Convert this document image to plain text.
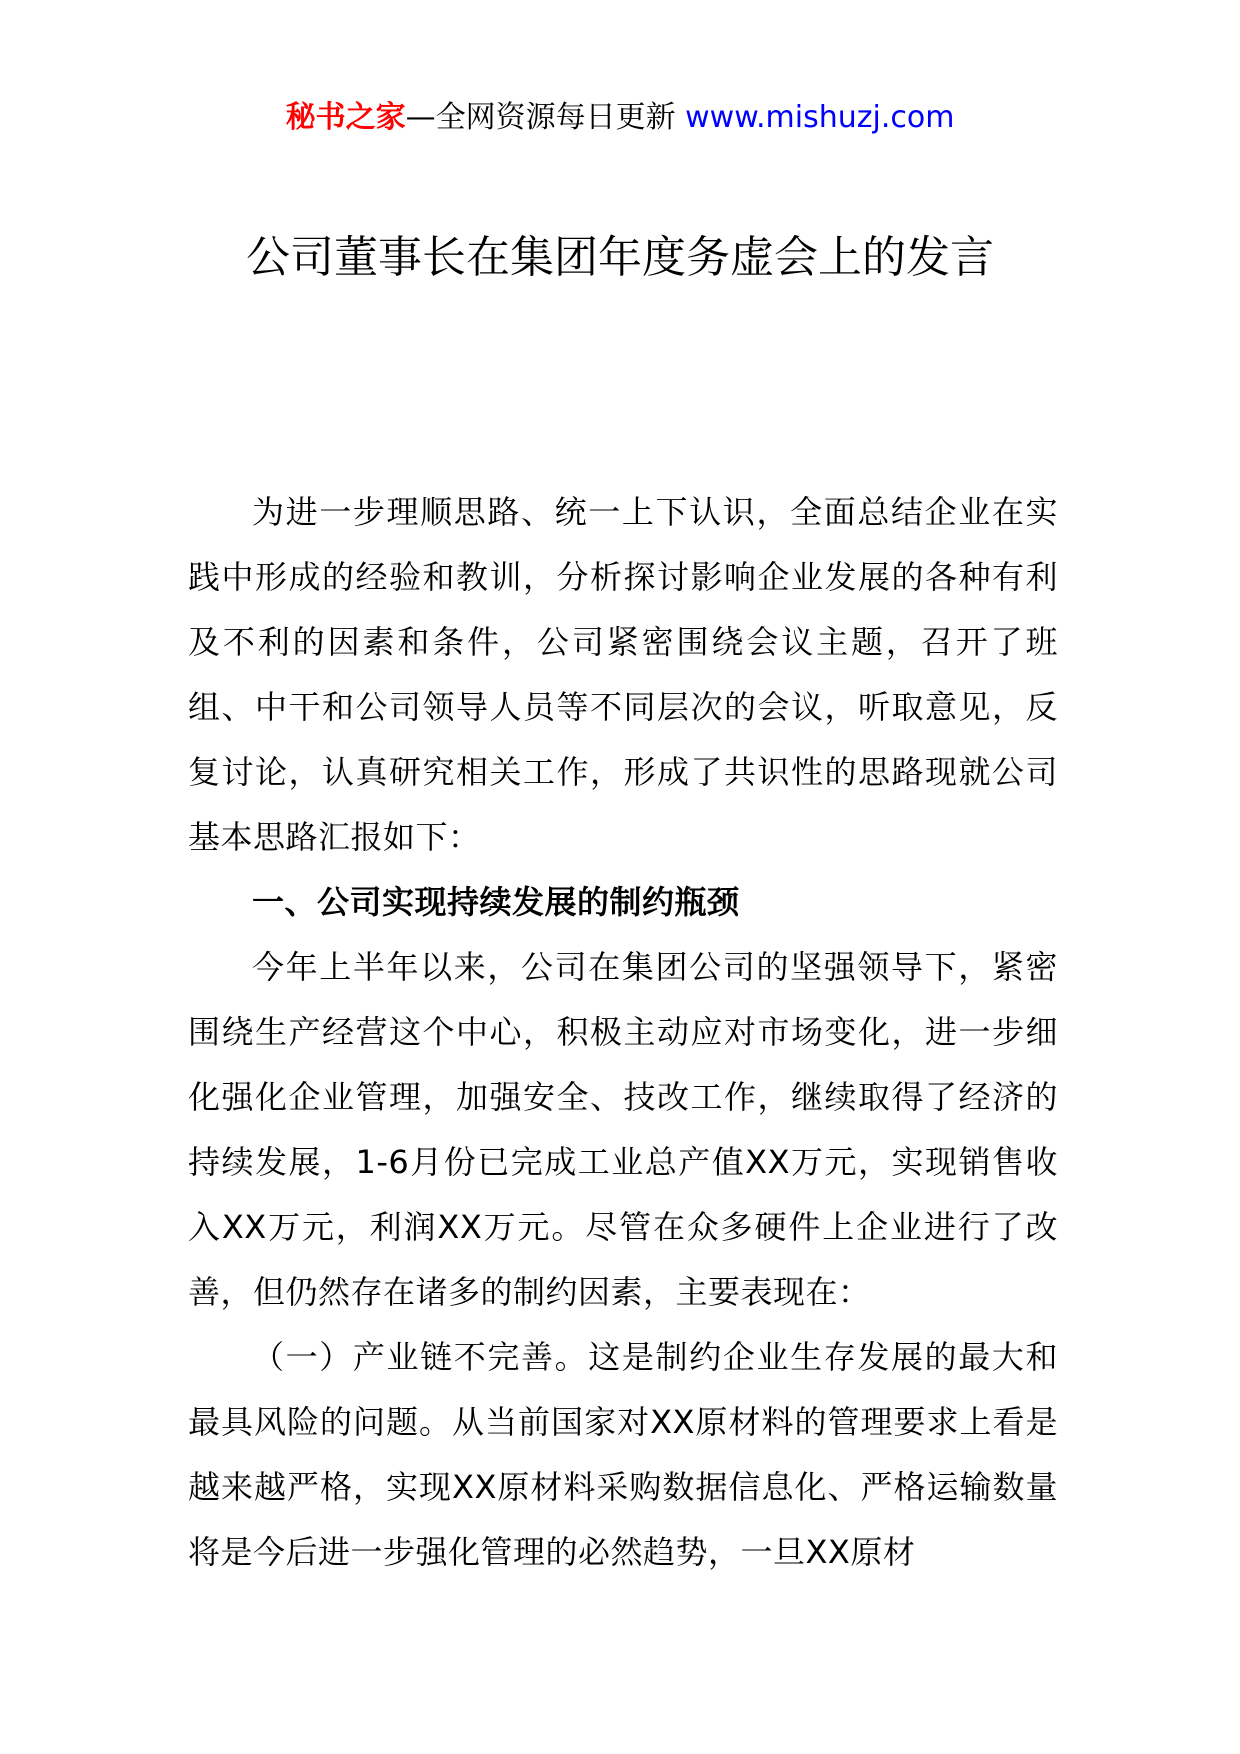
秘书之家—全网资源每日更新 www.mishuzj.com
公司董事长在集团年度务虚会上的发言

为进一步理顺思路、统一上下认识，全面总结企业在实践中形成的经验和教训，分析探讨影响企业发展的各种有利及不利的因素和条件，公司紧密围绕会议主题，召开了班组、中干和公司领导人员等不同层次的会议，听取意见，反复讨论，认真研究相关工作，形成了共识性的思路现就公司基本思路汇报如下：

一、公司实现持续发展的制约瓶颈

今年上半年以来，公司在集团公司的坚强领导下，紧密围绕生产经营这个中心，积极主动应对市场变化，进一步细化强化企业管理，加强安全、技改工作，继续取得了经济的持续发展，1-6月份已完成工业总产值XX万元，实现销售收入XX万元，利润XX万元。尽管在众多硬件上企业进行了改善，但仍然存在诸多的制约因素，主要表现在：

（一）产业链不完善。这是制约企业生存发展的最大和最具风险的问题。从当前国家对XX原材料的管理要求上看是越来越严格，实现XX原材料采购数据信息化、严格运输数量将是今后进一步强化管理的必然趋势，一旦XX原材
